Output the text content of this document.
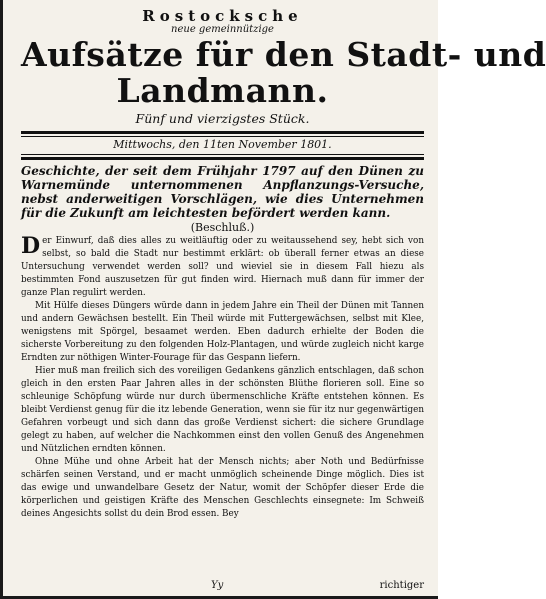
Rostocksche
neue gemeinnützige
Aufsätze für den Stadt- und
Landmann.
Fünf und vierzigstes Stück.
Mittwochs, den 11ten November 1801.
Geschichte, der seit dem Frühjahr 1797 auf den Dünen zu Warnemünde unternommenen Anpflanzungs-Versuche, nebst anderweitigen Vorschlägen, wie dies Unternehmen für die Zukunft am leichtesten befördert werden kann.
(Beschluß.)

D er Einwurf, daß dies alles zu weitläuftig oder zu weitaussehend sey, hebt sich von selbst, so bald die Stadt nur bestimmt erklärt: ob überall ferner etwas an diese Untersuchung verwendet werden soll? und wieviel sie in diesem Fall hiezu als bestimmten Fond auszusetzen für gut finden wird. Hiernach muß dann für immer der ganze Plan regulirt werden.

Mit Hülfe dieses Düngers würde dann in jedem Jahre ein Theil der Dünen mit Tannen und andern Gewächsen bestellt. Ein Theil würde mit Futtergewächsen, selbst mit Klee, wenigstens mit Spörgel, besaamet werden. Eben dadurch erhielte der Boden die sicherste Vorbereitung zu den folgenden Holz-Plantagen, und würde zugleich nicht karge Erndten zur nöthigen Winter-Fourage für das Gespann liefern.

Hier muß man freilich sich des voreiligen Gedankens gänzlich entschlagen, daß schon gleich in den ersten Paar Jahren alles in der schönsten Blüthe florieren soll. Eine so schleunige Schöpfung würde nur durch übermenschliche Kräfte entstehen können. Es bleibt Verdienst genug für die itz lebende Generation, wenn sie für itz nur gegenwärtigen Gefahren vorbeugt und sich dann das große Verdienst sichert: die sichere Grundlage gelegt zu haben, auf welcher die Nachkommen einst den vollen Genuß des Angenehmen und Nützlichen erndten können.

Ohne Mühe und ohne Arbeit hat der Mensch nichts; aber Noth und Bedürfnisse schärfen seinen Verstand, und er macht unmöglich scheinende Dinge möglich. Dies ist das ewige und unwandelbare Gesetz der Natur, womit der Schöpfer dieser Erde die körperlichen und geistigen Kräfte des Menschen Geschlechts einsegnete: Im Schweiß deines Angesichts sollst du dein Brod essen. Bey

Yy	richtiger
